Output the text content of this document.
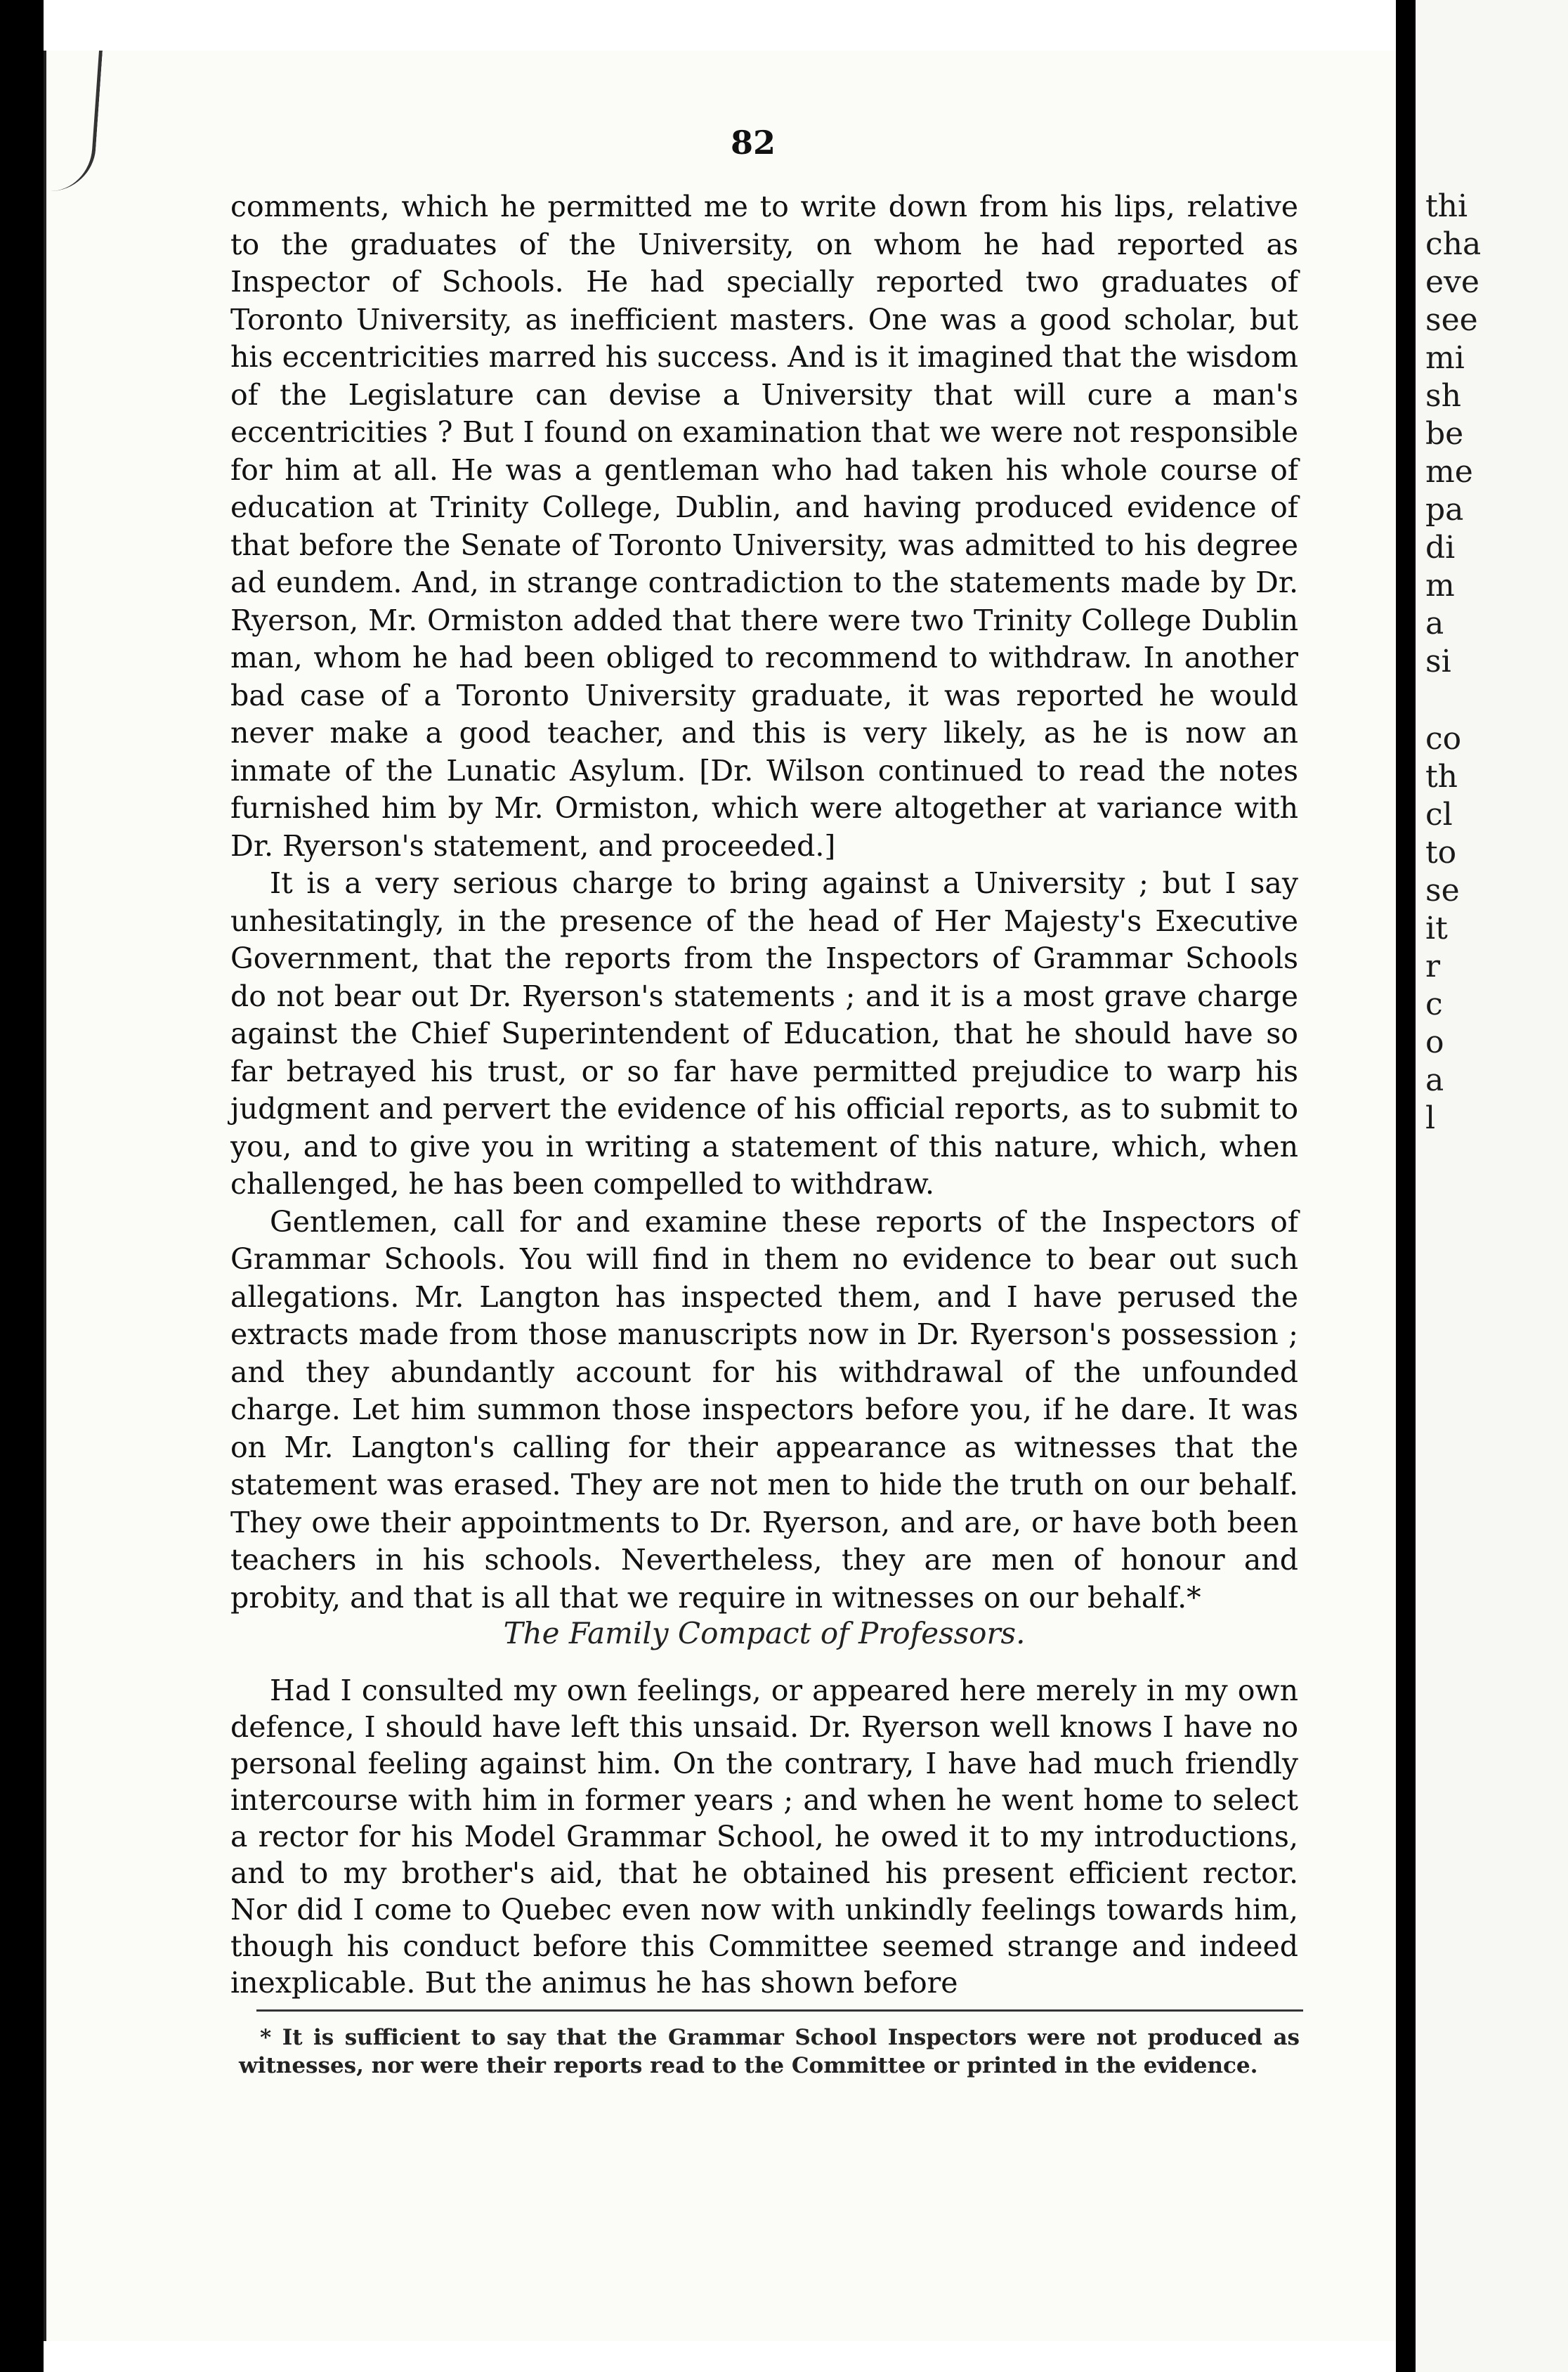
82

comments, which he permitted me to write down from his lips, relative to the graduates of the University, on whom he had reported as Inspector of Schools. He had specially reported two graduates of Toronto University, as inefficient masters. One was a good scholar, but his eccentricities marred his success. And is it imagined that the wisdom of the Legislature can devise a University that will cure a man's eccentricities ? But I found on examination that we were not responsible for him at all. He was a gentleman who had taken his whole course of education at Trinity College, Dublin, and having produced evidence of that before the Senate of Toronto University, was admitted to his degree ad eundem. And, in strange contradiction to the statements made by Dr. Ryerson, Mr. Ormiston added that there were two Trinity College Dublin man, whom he had been obliged to recommend to withdraw. In another bad case of a Toronto University graduate, it was reported he would never make a good teacher, and this is very likely, as he is now an inmate of the Lunatic Asylum. [Dr. Wilson continued to read the notes furnished him by Mr. Ormiston, which were altogether at variance with Dr. Ryerson's statement, and proceeded.]

It is a very serious charge to bring against a University ; but I say unhesitatingly, in the presence of the head of Her Majesty's Executive Government, that the reports from the Inspectors of Grammar Schools do not bear out Dr. Ryerson's statements ; and it is a most grave charge against the Chief Superintendent of Education, that he should have so far betrayed his trust, or so far have permitted prejudice to warp his judgment and pervert the evidence of his official reports, as to submit to you, and to give you in writing a statement of this nature, which, when challenged, he has been compelled to withdraw.

Gentlemen, call for and examine these reports of the Inspectors of Grammar Schools. You will find in them no evidence to bear out such allegations. Mr. Langton has inspected them, and I have perused the extracts made from those manuscripts now in Dr. Ryerson's possession ; and they abundantly account for his withdrawal of the unfounded charge. Let him summon those inspectors before you, if he dare. It was on Mr. Langton's calling for their appearance as witnesses that the statement was erased. They are not men to hide the truth on our behalf. They owe their appointments to Dr. Ryerson, and are, or have both been teachers in his schools. Nevertheless, they are men of honour and probity, and that is all that we require in witnesses on our behalf.*

The Family Compact of Professors.

Had I consulted my own feelings, or appeared here merely in my own defence, I should have left this unsaid. Dr. Ryerson well knows I have no personal feeling against him. On the contrary, I have had much friendly intercourse with him in former years ; and when he went home to select a rector for his Model Grammar School, he owed it to my introductions, and to my brother's aid, that he obtained his present efficient rector. Nor did I come to Quebec even now with unkindly feelings towards him, though his conduct before this Committee seemed strange and indeed inexplicable. But the animus he has shown before

* It is sufficient to say that the Grammar School Inspectors were not produced as witnesses, nor were their reports read to the Committee or printed in the evidence.
thi
cha
eve
see
mi
sh
be
me
pa
di
m
a
si
co
th
cl
to
se
it
r
c
o
a
l
